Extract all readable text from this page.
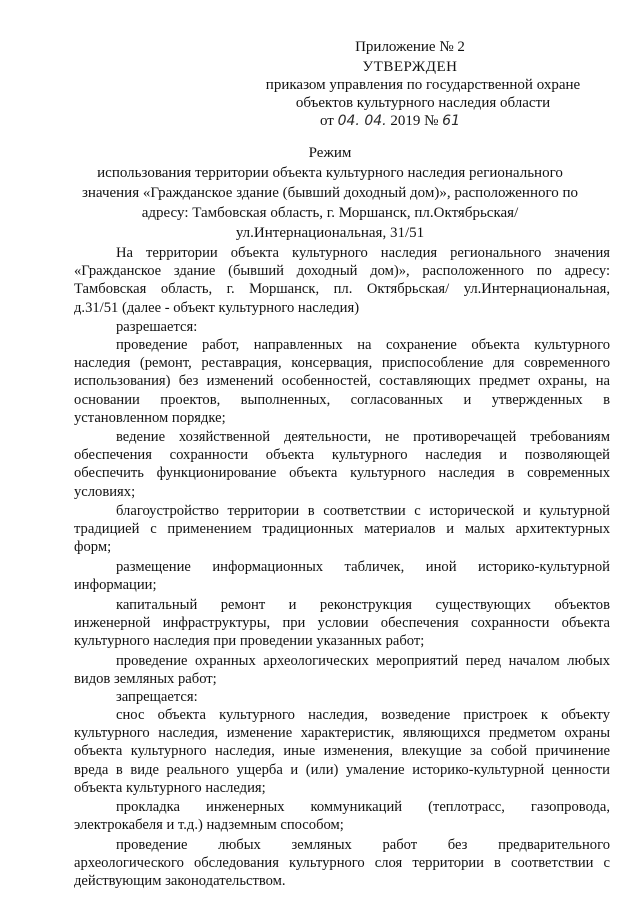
Приложение № 2
УТВЕРЖДЕН
приказом управления по государственной охране
объектов культурного наследия области
от 04. 04. 2019 № 61
Режим
использования территории объекта культурного наследия регионального
значения «Гражданское здание (бывший доходный дом)», расположенного по
адресу: Тамбовская область, г. Моршанск, пл.Октябрьская/
ул.Интернациональная, 31/51
На территории объекта культурного наследия регионального значения
«Гражданское здание (бывший доходный дом)», расположенного по адресу:
Тамбовская область, г. Моршанск, пл. Октябрьская/ ул.Интернациональная,
д.31/51 (далее - объект культурного наследия)
разрешается:
проведение работ, направленных на сохранение объекта культурного
наследия (ремонт, реставрация, консервация, приспособление для современного
использования) без изменений особенностей, составляющих предмет охраны, на
основании проектов, выполненных, согласованных и утвержденных в
установленном порядке;
ведение хозяйственной деятельности, не противоречащей требованиям
обеспечения сохранности объекта культурного наследия и позволяющей
обеспечить функционирование объекта культурного наследия в современных
условиях;
благоустройство территории в соответствии с исторической и культурной
традицией с применением традиционных материалов и малых архитектурных
форм;
размещение информационных табличек, иной историко-культурной
информации;
капитальный ремонт и реконструкция существующих объектов
инженерной инфраструктуры, при условии обеспечения сохранности объекта
культурного наследия при проведении указанных работ;
проведение охранных археологических мероприятий перед началом любых
видов земляных работ;
запрещается:
снос объекта культурного наследия, возведение пристроек к объекту
культурного наследия, изменение характеристик, являющихся предметом охраны
объекта культурного наследия, иные изменения, влекущие за собой причинение
вреда в виде реального ущерба и (или) умаление историко-культурной ценности
объекта культурного наследия;
прокладка инженерных коммуникаций (теплотрасс, газопровода,
электрокабеля и т.д.) надземным способом;
проведение любых земляных работ без предварительного
археологического обследования культурного слоя территории в соответствии с
действующим законодательством.
